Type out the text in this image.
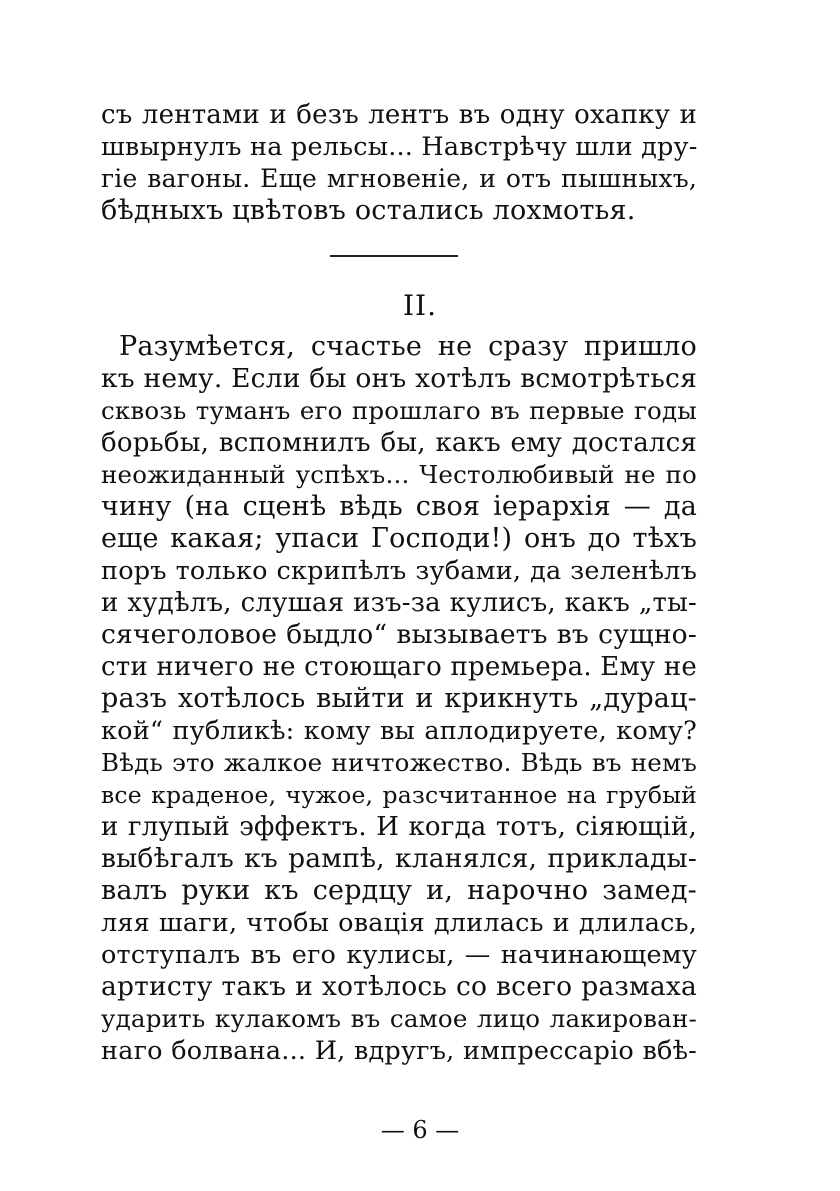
съ лентами и безъ лентъ въ одну охапку и
швырнулъ на рельсы... Навстрѣчу шли дру-
гіе вагоны. Еще мгновеніе, и отъ пышныхъ,
бѣдныхъ цвѣтовъ остались лохмотья.
II.
Разумѣется, счастье не сразу пришло
къ нему. Если бы онъ хотѣлъ всмотрѣться
сквозь туманъ его прошлаго въ первые годы
борьбы, вспомнилъ бы, какъ ему достался
неожиданный успѣхъ... Честолюбивый не по
чину (на сценѣ вѣдь своя іерархія — да
еще какая; упаси Господи!) онъ до тѣхъ
поръ только скрипѣлъ зубами, да зеленѣлъ
и худѣлъ, слушая изъ-за кулисъ, какъ „ты-
сячеголовое быдло“ вызываетъ въ сущно-
сти ничего не стоющаго премьера. Ему не
разъ хотѣлось выйти и крикнуть „дурац-
кой“ публикѣ: кому вы аплодируете, кому?
Вѣдь это жалкое ничтожество. Вѣдь въ немъ
все краденое, чужое, разсчитанное на грубый
и глупый эффектъ. И когда тотъ, сіяющій,
выбѣгалъ къ рампѣ, кланялся, приклады-
валъ руки къ сердцу и, нарочно замед-
ляя шаги, чтобы овація длилась и длилась,
отступалъ въ его кулисы, — начинающему
артисту такъ и хотѣлось со всего размаха
ударить кулакомъ въ самое лицо лакирован-
наго болвана... И, вдругъ, импрессаріо вбѣ-
— 6 —
